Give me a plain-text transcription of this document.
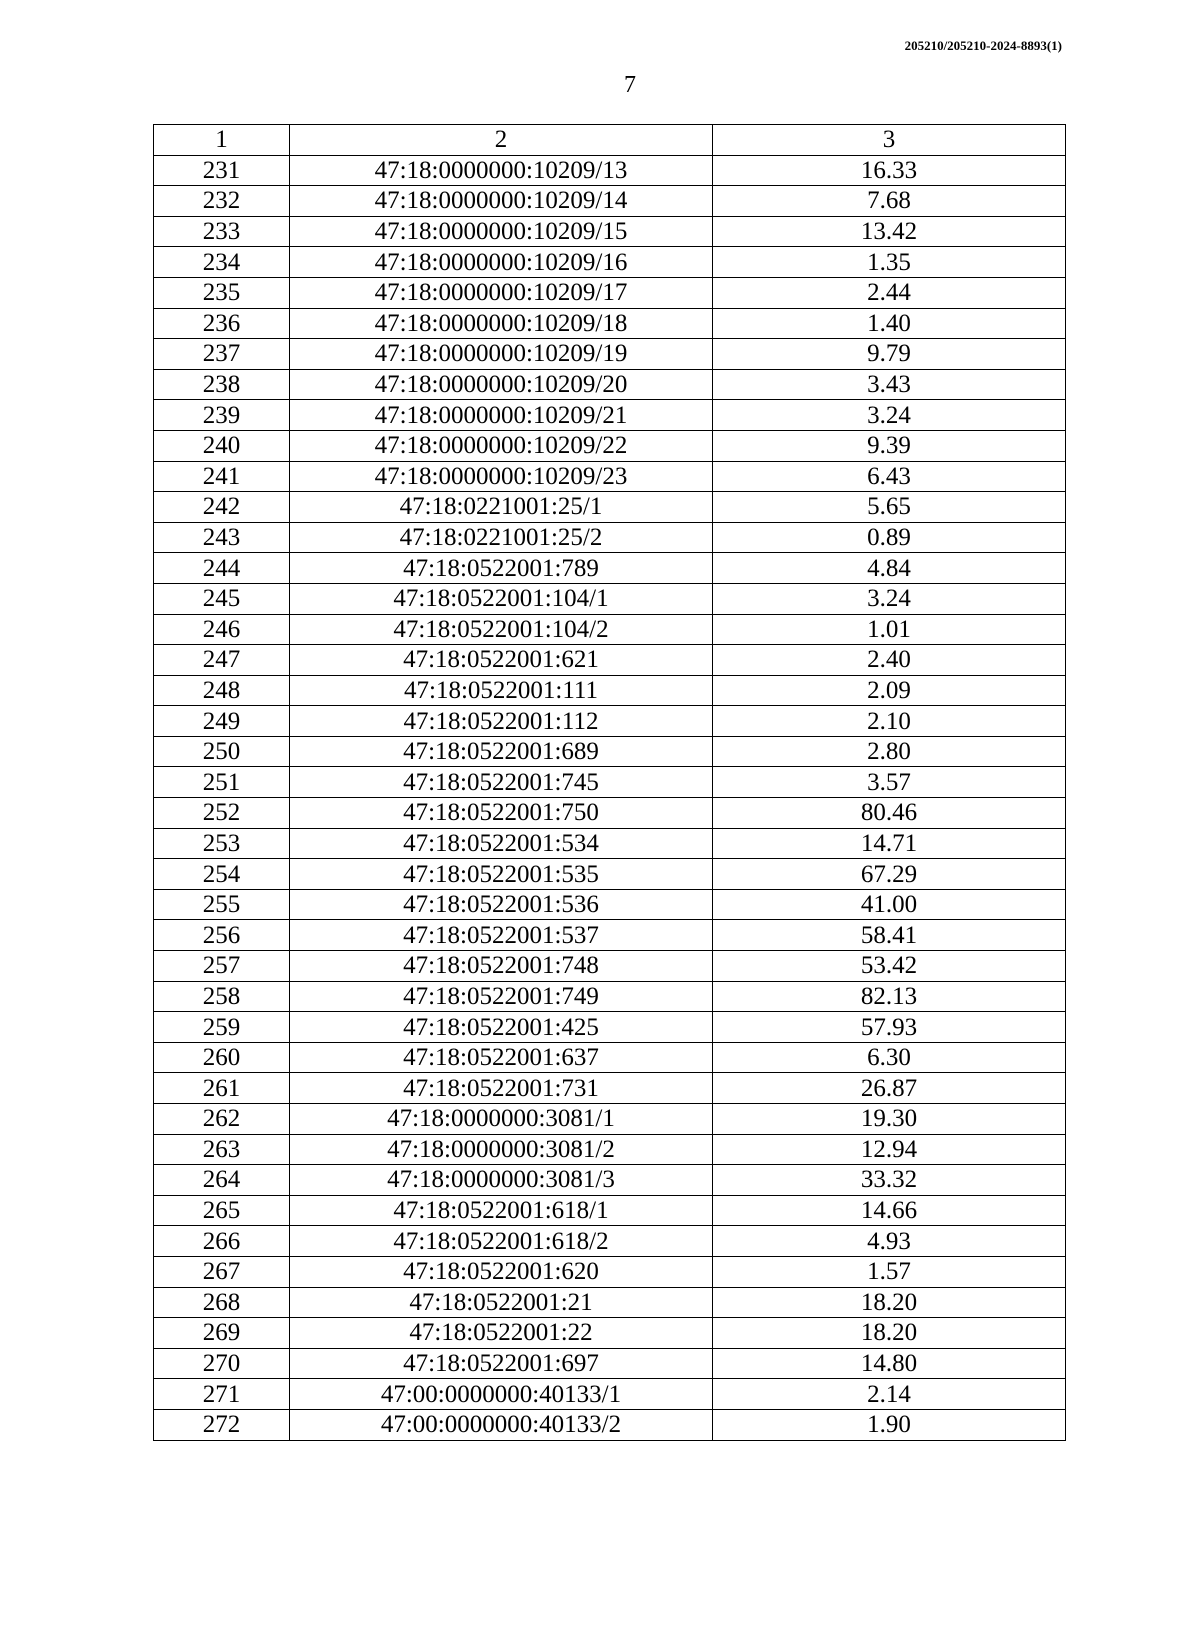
205210/205210-2024-8893(1)
7
1	2	3
231	47:18:0000000:10209/13	16.33
232	47:18:0000000:10209/14	7.68
233	47:18:0000000:10209/15	13.42
234	47:18:0000000:10209/16	1.35
235	47:18:0000000:10209/17	2.44
236	47:18:0000000:10209/18	1.40
237	47:18:0000000:10209/19	9.79
238	47:18:0000000:10209/20	3.43
239	47:18:0000000:10209/21	3.24
240	47:18:0000000:10209/22	9.39
241	47:18:0000000:10209/23	6.43
242	47:18:0221001:25/1	5.65
243	47:18:0221001:25/2	0.89
244	47:18:0522001:789	4.84
245	47:18:0522001:104/1	3.24
246	47:18:0522001:104/2	1.01
247	47:18:0522001:621	2.40
248	47:18:0522001:111	2.09
249	47:18:0522001:112	2.10
250	47:18:0522001:689	2.80
251	47:18:0522001:745	3.57
252	47:18:0522001:750	80.46
253	47:18:0522001:534	14.71
254	47:18:0522001:535	67.29
255	47:18:0522001:536	41.00
256	47:18:0522001:537	58.41
257	47:18:0522001:748	53.42
258	47:18:0522001:749	82.13
259	47:18:0522001:425	57.93
260	47:18:0522001:637	6.30
261	47:18:0522001:731	26.87
262	47:18:0000000:3081/1	19.30
263	47:18:0000000:3081/2	12.94
264	47:18:0000000:3081/3	33.32
265	47:18:0522001:618/1	14.66
266	47:18:0522001:618/2	4.93
267	47:18:0522001:620	1.57
268	47:18:0522001:21	18.20
269	47:18:0522001:22	18.20
270	47:18:0522001:697	14.80
271	47:00:0000000:40133/1	2.14
272	47:00:0000000:40133/2	1.90
